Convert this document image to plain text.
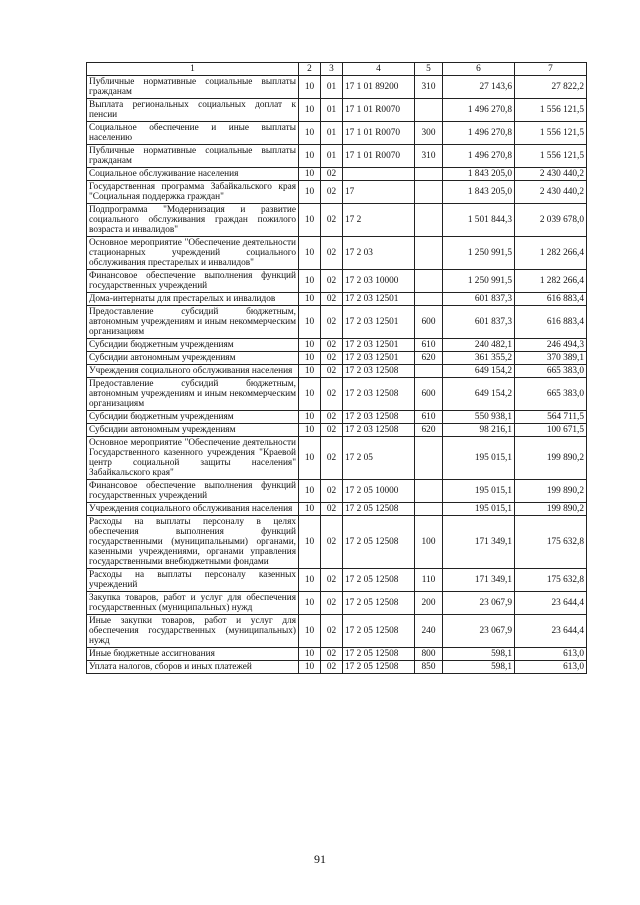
1	2	3	4	5	6	7
Публичные нормативные социальные выплаты гражданам	10	01	17 1 01 89200	310	27 143,6	27 822,2
Выплата региональных социальных доплат к пенсии	10	01	17 1 01 R0070		1 496 270,8	1 556 121,5
Социальное обеспечение и иные выплаты населению	10	01	17 1 01 R0070	300	1 496 270,8	1 556 121,5
Публичные нормативные социальные выплаты гражданам	10	01	17 1 01 R0070	310	1 496 270,8	1 556 121,5
Социальное обслуживание населения	10	02			1 843 205,0	2 430 440,2
Государственная программа Забайкальского края "Социальная поддержка граждан"	10	02	17		1 843 205,0	2 430 440,2
Подпрограмма "Модернизация и развитие социального обслуживания граждан пожилого возраста и инвалидов"	10	02	17 2		1 501 844,3	2 039 678,0
Основное мероприятие "Обеспечение деятельности стационарных учреждений социального обслуживания престарелых и инвалидов"	10	02	17 2 03		1 250 991,5	1 282 266,4
Финансовое обеспечение выполнения функций государственных учреждений	10	02	17 2 03 10000		1 250 991,5	1 282 266,4
Дома-интернаты для престарелых и инвалидов	10	02	17 2 03 12501		601 837,3	616 883,4
Предоставление субсидий бюджетным, автономным учреждениям и иным некоммерческим организациям	10	02	17 2 03 12501	600	601 837,3	616 883,4
Субсидии бюджетным учреждениям	10	02	17 2 03 12501	610	240 482,1	246 494,3
Субсидии автономным учреждениям	10	02	17 2 03 12501	620	361 355,2	370 389,1
Учреждения социального обслуживания населения	10	02	17 2 03 12508		649 154,2	665 383,0
Предоставление субсидий бюджетным, автономным учреждениям и иным некоммерческим организациям	10	02	17 2 03 12508	600	649 154,2	665 383,0
Субсидии бюджетным учреждениям	10	02	17 2 03 12508	610	550 938,1	564 711,5
Субсидии автономным учреждениям	10	02	17 2 03 12508	620	98 216,1	100 671,5
Основное мероприятие "Обеспечение деятельности Государственного казенного учреждения "Краевой центр социальной защиты населения" Забайкальского края"	10	02	17 2 05		195 015,1	199 890,2
Финансовое обеспечение выполнения функций государственных учреждений	10	02	17 2 05 10000		195 015,1	199 890,2
Учреждения социального обслуживания населения	10	02	17 2 05 12508		195 015,1	199 890,2
Расходы на выплаты персоналу в целях обеспечения выполнения функций государственными (муниципальными) органами, казенными учреждениями, органами управления государственными внебюджетными фондами	10	02	17 2 05 12508	100	171 349,1	175 632,8
Расходы на выплаты персоналу казенных учреждений	10	02	17 2 05 12508	110	171 349,1	175 632,8
Закупка товаров, работ и услуг для обеспечения государственных (муниципальных) нужд	10	02	17 2 05 12508	200	23 067,9	23 644,4
Иные закупки товаров, работ и услуг для обеспечения государственных (муниципальных) нужд	10	02	17 2 05 12508	240	23 067,9	23 644,4
Иные бюджетные ассигнования	10	02	17 2 05 12508	800	598,1	613,0
Уплата налогов, сборов и иных платежей	10	02	17 2 05 12508	850	598,1	613,0
91
